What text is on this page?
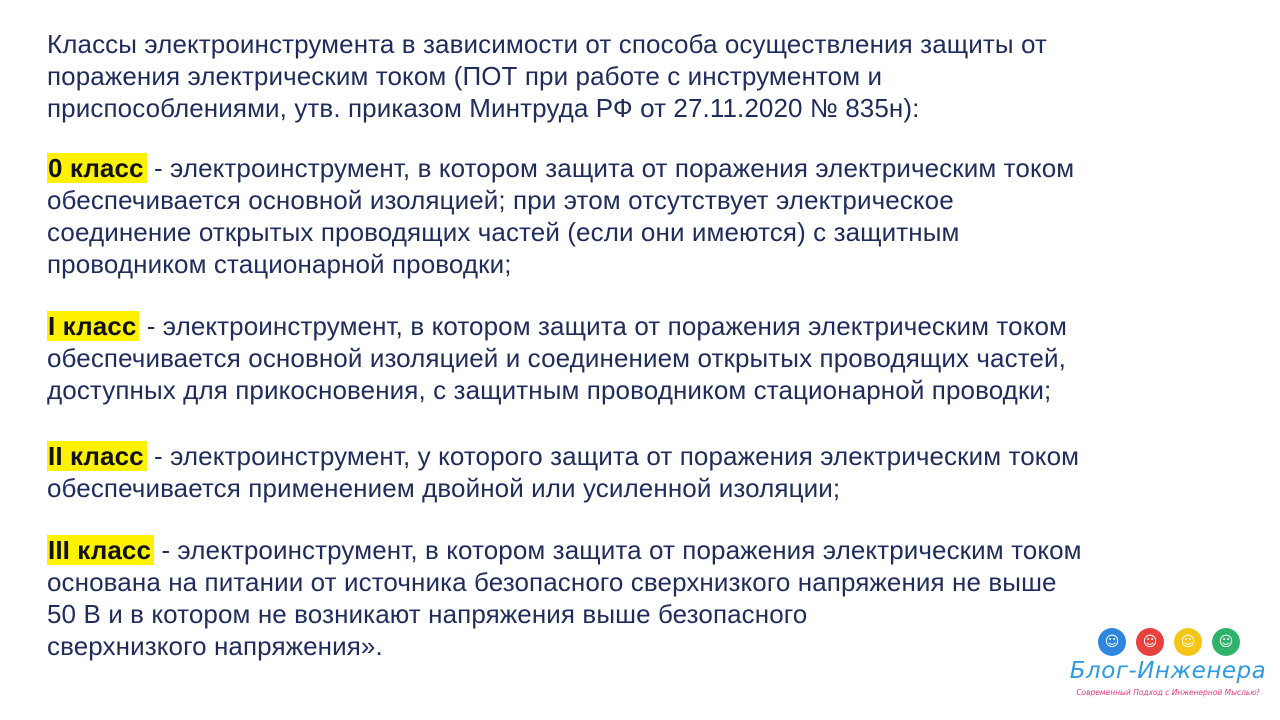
Классы электроинструмента в зависимости от способа осуществления защиты от
поражения электрическим током (ПОТ при работе с инструментом и
приспособлениями, утв. приказом Минтруда РФ от 27.11.2020 № 835н):

0 класс - электроинструмент, в котором защита от поражения электрическим током
обеспечивается основной изоляцией; при этом отсутствует электрическое
соединение открытых проводящих частей (если они имеются) с защитным
проводником стационарной проводки;

I класс - электроинструмент, в котором защита от поражения электрическим током
обеспечивается основной изоляцией и соединением открытых проводящих частей,
доступных для прикосновения, с защитным проводником стационарной проводки;

II класс - электроинструмент, у которого защита от поражения электрическим током
обеспечивается применением двойной или усиленной изоляции;

III класс - электроинструмент, в котором защита от поражения электрическим током
основана на питании от источника безопасного сверхнизкого напряжения не выше
50 В и в котором не возникают напряжения выше безопасного
сверхнизкого напряжения».	☺	☺	☺	☺
Блог-Инженера
Современный Подход с Инженерной Мыслью!
